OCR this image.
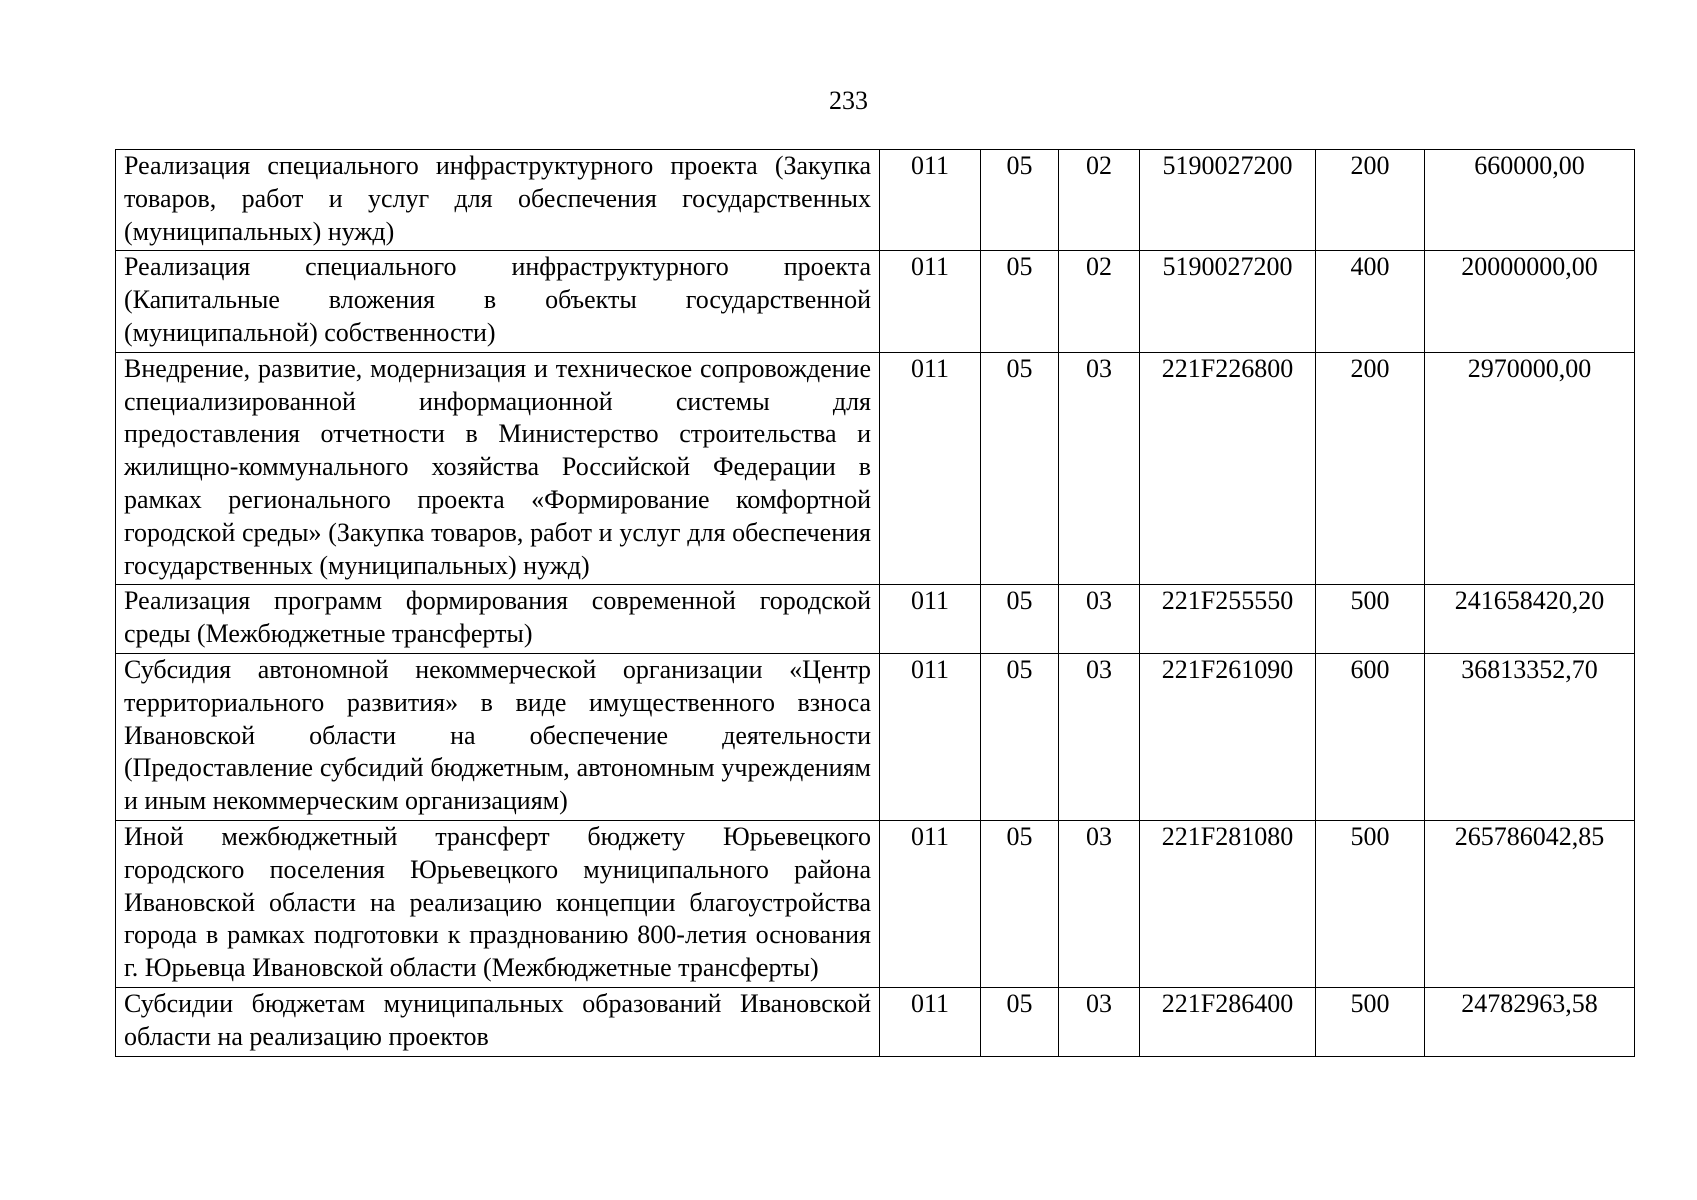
233
Реализация специального инфраструктурного проекта (Закупка товаров, работ и услуг для обеспечения государственных (муниципальных) нужд)	011	05	02	5190027200	200	660000,00
Реализация специального инфраструктурного проекта (Капитальные вложения в объекты государственной (муниципальной) собственности)	011	05	02	5190027200	400	20000000,00
Внедрение, развитие, модернизация и техническое сопровождение специализированной информационной системы для предоставления отчетности в Министерство строительства и жилищно-коммунального хозяйства Российской Федерации в рамках регионального проекта «Формирование комфортной городской среды» (Закупка товаров, работ и услуг для обеспечения государственных (муниципальных) нужд)	011	05	03	221F226800	200	2970000,00
Реализация программ формирования современной городской среды (Межбюджетные трансферты)	011	05	03	221F255550	500	241658420,20
Субсидия автономной некоммерческой организации «Центр территориального развития» в виде имущественного взноса Ивановской области на обеспечение деятельности (Предоставление субсидий бюджетным, автономным учреждениям и иным некоммерческим организациям)	011	05	03	221F261090	600	36813352,70
Иной межбюджетный трансферт бюджету Юрьевецкого городского поселения Юрьевецкого муниципального района Ивановской области на реализацию концепции благоустройства города в рамках подготовки к празднованию 800-летия основания г. Юрьевца Ивановской области (Межбюджетные трансферты)	011	05	03	221F281080	500	265786042,85
Субсидии бюджетам муниципальных образований Ивановской области на реализацию проектов	011	05	03	221F286400	500	24782963,58
